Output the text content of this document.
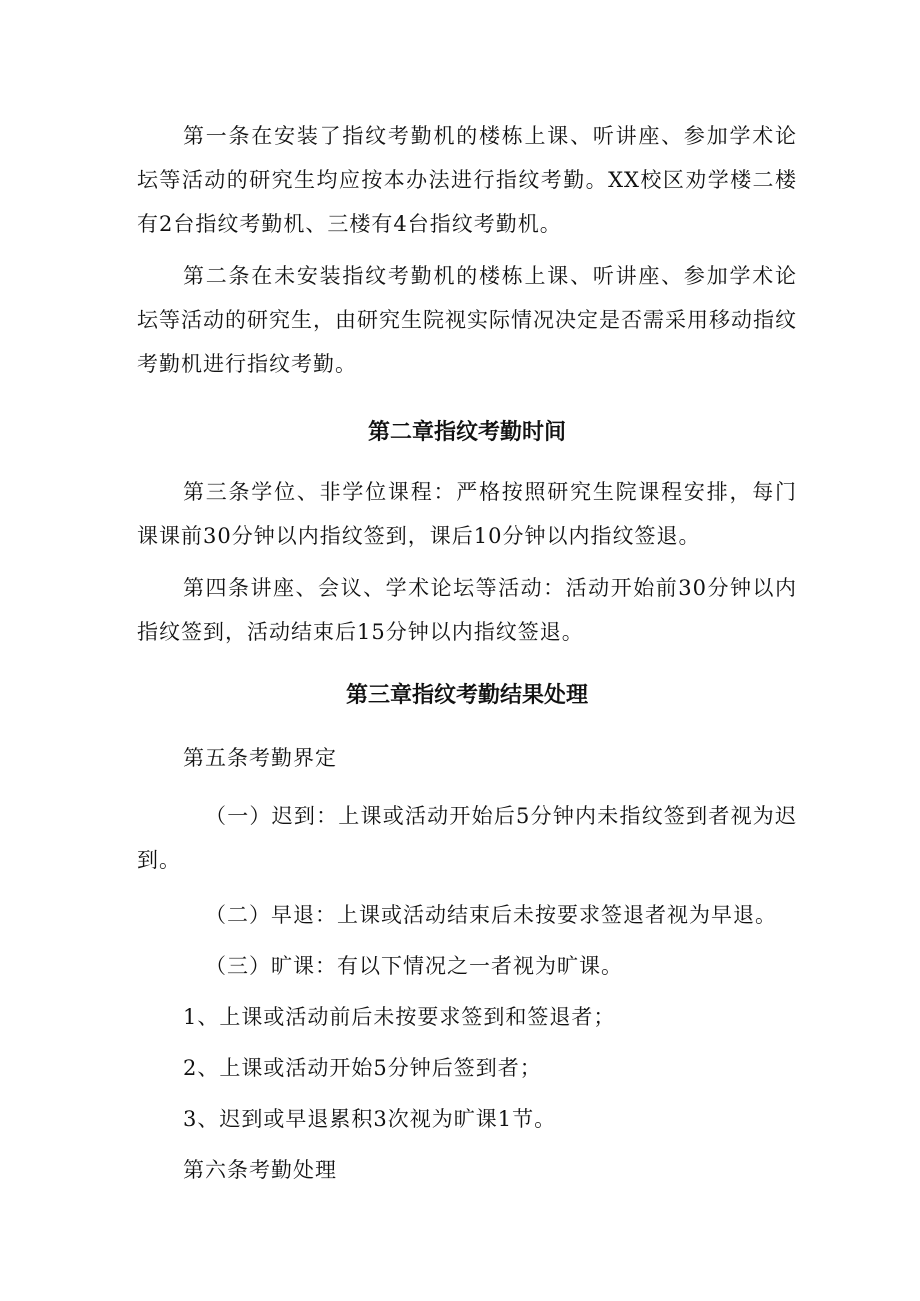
第一条在安装了指纹考勤机的楼栋上课、听讲座、参加学术论坛等活动的研究生均应按本办法进行指纹考勤。XX校区劝学楼二楼有2台指纹考勤机、三楼有4台指纹考勤机。

第二条在未安装指纹考勤机的楼栋上课、听讲座、参加学术论坛等活动的研究生，由研究生院视实际情况决定是否需采用移动指纹考勤机进行指纹考勤。

第二章指纹考勤时间

第三条学位、非学位课程：严格按照研究生院课程安排，每门课课前30分钟以内指纹签到，课后10分钟以内指纹签退。

第四条讲座、会议、学术论坛等活动：活动开始前30分钟以内指纹签到，活动结束后15分钟以内指纹签退。

第三章指纹考勤结果处理

第五条考勤界定

（一）迟到：上课或活动开始后5分钟内未指纹签到者视为迟到。

（二）早退：上课或活动结束后未按要求签退者视为早退。

（三）旷课：有以下情况之一者视为旷课。

1、上课或活动前后未按要求签到和签退者；

2、上课或活动开始5分钟后签到者；

3、迟到或早退累积3次视为旷课1节。

第六条考勤处理
